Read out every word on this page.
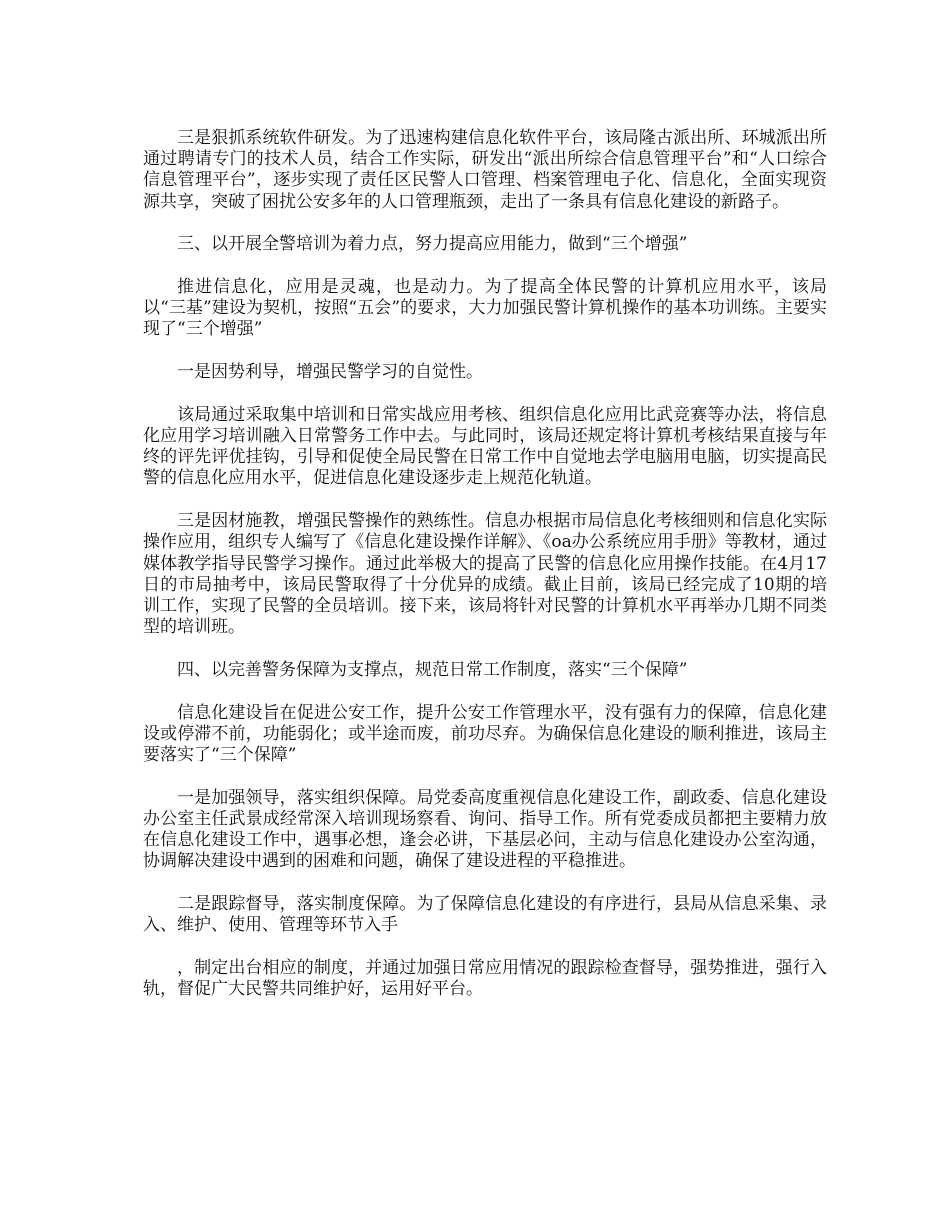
三是狠抓系统软件研发。为了迅速构建信息化软件平台，该局隆古派出所、环城派出所通过聘请专门的技术人员，结合工作实际，研发出“派出所综合信息管理平台”和“人口综合信息管理平台”，逐步实现了责任区民警人口管理、档案管理电子化、信息化，全面实现资源共享，突破了困扰公安多年的人口管理瓶颈，走出了一条具有信息化建设的新路子。

三、以开展全警培训为着力点，努力提高应用能力，做到“三个增强”

推进信息化，应用是灵魂，也是动力。为了提高全体民警的计算机应用水平，该局以“三基”建设为契机，按照“五会”的要求，大力加强民警计算机操作的基本功训练。主要实现了“三个增强”

一是因势利导，增强民警学习的自觉性。

该局通过采取集中培训和日常实战应用考核、组织信息化应用比武竞赛等办法，将信息化应用学习培训融入日常警务工作中去。与此同时，该局还规定将计算机考核结果直接与年终的评先评优挂钩，引导和促使全局民警在日常工作中自觉地去学电脑用电脑，切实提高民警的信息化应用水平，促进信息化建设逐步走上规范化轨道。

三是因材施教，增强民警操作的熟练性。信息办根据市局信息化考核细则和信息化实际操作应用，组织专人编写了《信息化建设操作详解》、《oa办公系统应用手册》等教材，通过媒体教学指导民警学习操作。通过此举极大的提高了民警的信息化应用操作技能。在4月17日的市局抽考中，该局民警取得了十分优异的成绩。截止目前，该局已经完成了10期的培训工作，实现了民警的全员培训。接下来，该局将针对民警的计算机水平再举办几期不同类型的培训班。

四、以完善警务保障为支撑点，规范日常工作制度，落实“三个保障”

信息化建设旨在促进公安工作，提升公安工作管理水平，没有强有力的保障，信息化建设或停滞不前，功能弱化；或半途而废，前功尽弃。为确保信息化建设的顺利推进，该局主要落实了“三个保障”

一是加强领导，落实组织保障。局党委高度重视信息化建设工作，副政委、信息化建设办公室主任武景成经常深入培训现场察看、询问、指导工作。所有党委成员都把主要精力放在信息化建设工作中，遇事必想，逢会必讲，下基层必问，主动与信息化建设办公室沟通，协调解决建设中遇到的困难和问题，确保了建设进程的平稳推进。

二是跟踪督导，落实制度保障。为了保障信息化建设的有序进行，县局从信息采集、录入、维护、使用、管理等环节入手

，制定出台相应的制度，并通过加强日常应用情况的跟踪检查督导，强势推进，强行入轨，督促广大民警共同维护好，运用好平台。
